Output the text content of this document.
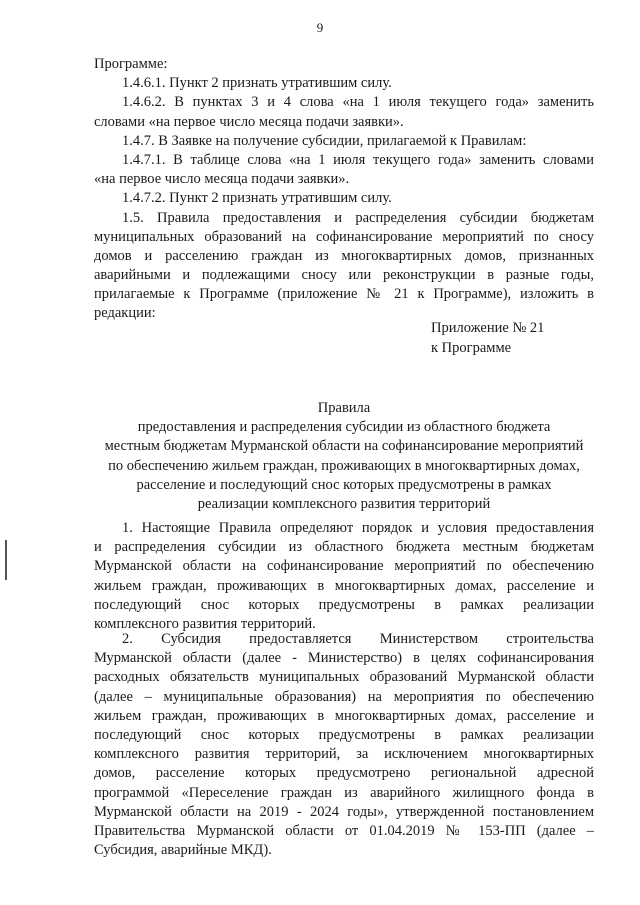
9
Программе:
1.4.6.1. Пункт 2 признать утратившим силу.
1.4.6.2. В пунктах 3 и 4 слова «на 1 июля текущего года» заменить
словами «на первое число месяца подачи заявки».
1.4.7. В Заявке на получение субсидии, прилагаемой к Правилам:
1.4.7.1. В таблице слова «на 1 июля текущего года» заменить словами
«на первое число месяца подачи заявки».
1.4.7.2. Пункт 2 признать утратившим силу.
1.5. Правила предоставления и распределения субсидии бюджетам
муниципальных образований на софинансирование мероприятий по сносу
домов и расселению граждан из многоквартирных домов, признанных
аварийными и подлежащими сносу или реконструкции в разные годы,
прилагаемые к Программе (приложение № 21 к Программе), изложить в
редакции:
Приложение № 21
к Программе
Правила
предоставления и распределения субсидии из областного бюджета
местным бюджетам Мурманской области на софинансирование мероприятий
по обеспечению жильем граждан, проживающих в многоквартирных домах,
расселение и последующий снос которых предусмотрены в рамках
реализации комплексного развития территорий
1. Настоящие Правила определяют порядок и условия предоставления
и распределения субсидии из областного бюджета местным бюджетам
Мурманской области на софинансирование мероприятий по обеспечению
жильем граждан, проживающих в многоквартирных домах, расселение и
последующий снос которых предусмотрены в рамках реализации
комплексного развития территорий.
2. Субсидия предоставляется Министерством строительства
Мурманской области (далее - Министерство) в целях софинансирования
расходных обязательств муниципальных образований Мурманской области
(далее – муниципальные образования) на мероприятия по обеспечению
жильем граждан, проживающих в многоквартирных домах, расселение и
последующий снос которых предусмотрены в рамках реализации
комплексного развития территорий, за исключением многоквартирных
домов, расселение которых предусмотрено региональной адресной
программой «Переселение граждан из аварийного жилищного фонда в
Мурманской области на 2019 - 2024 годы», утвержденной постановлением
Правительства Мурманской области от 01.04.2019 № 153-ПП (далее –
Субсидия, аварийные МКД).
